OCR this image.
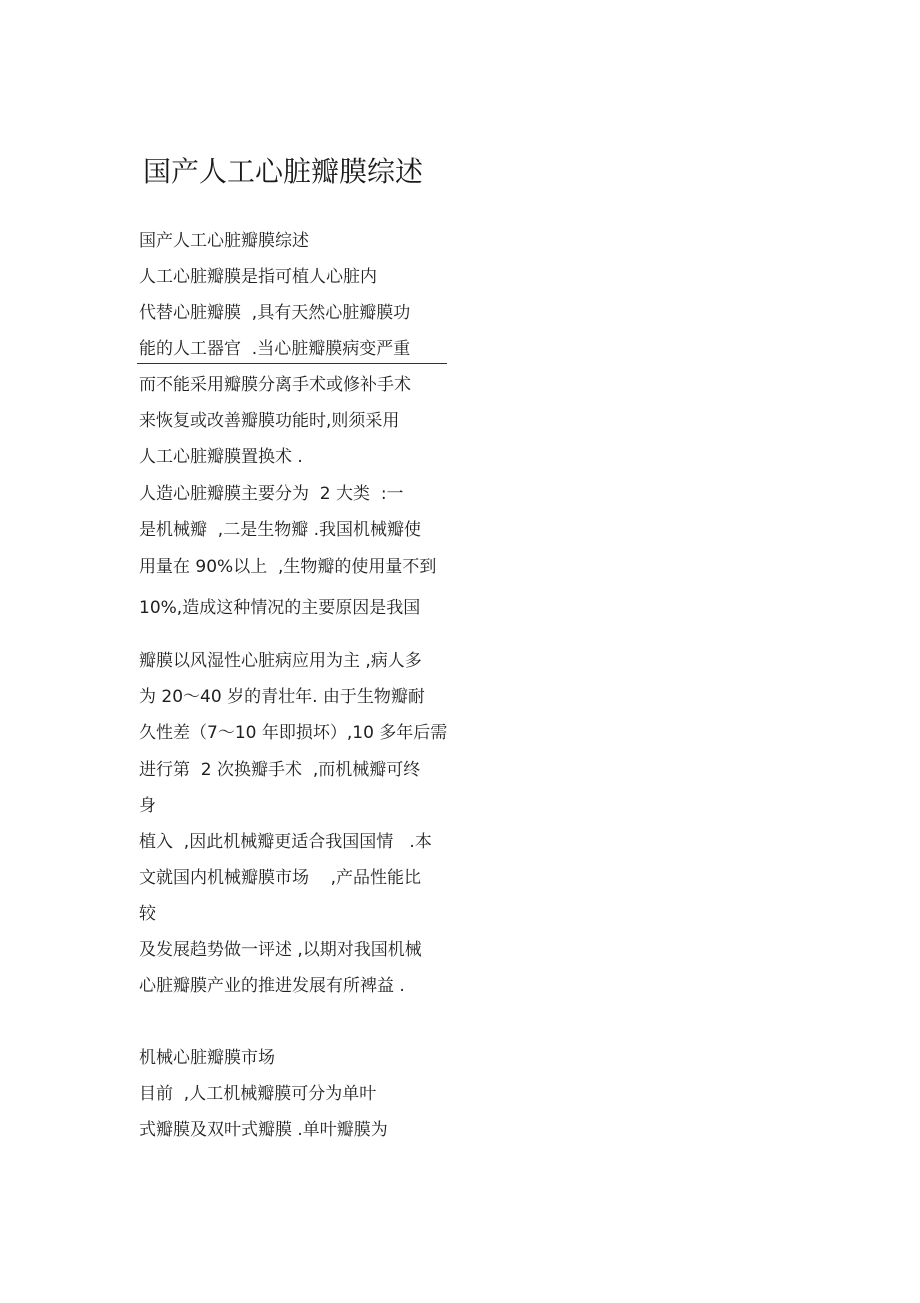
国产人工心脏瓣膜综述
国产人工心脏瓣膜综述
人工心脏瓣膜是指可植人心脏内
代替心脏瓣膜  ,具有天然心脏瓣膜功
能的人工器官  .当心脏瓣膜病变严重
而不能采用瓣膜分离手术或修补手术
来恢复或改善瓣膜功能时,则须采用
人工心脏瓣膜置换术 .
人造心脏瓣膜主要分为  2 大类  :一
是机械瓣  ,二是生物瓣 .我国机械瓣使
用量在 90%以上  ,生物瓣的使用量不到
10%,造成这种情况的主要原因是我国
瓣膜以风湿性心脏病应用为主 ,病人多
为 20～40 岁的青壮年. 由于生物瓣耐
久性差（7～10 年即损坏）,10 多年后需
进行第  2 次换瓣手术  ,而机械瓣可终
身
植入  ,因此机械瓣更适合我国国情   .本
文就国内机械瓣膜市场    ,产品性能比
较
及发展趋势做一评述 ,以期对我国机械
心脏瓣膜产业的推进发展有所裨益 .
机械心脏瓣膜市场
目前  ,人工机械瓣膜可分为单叶
式瓣膜及双叶式瓣膜 .单叶瓣膜为
